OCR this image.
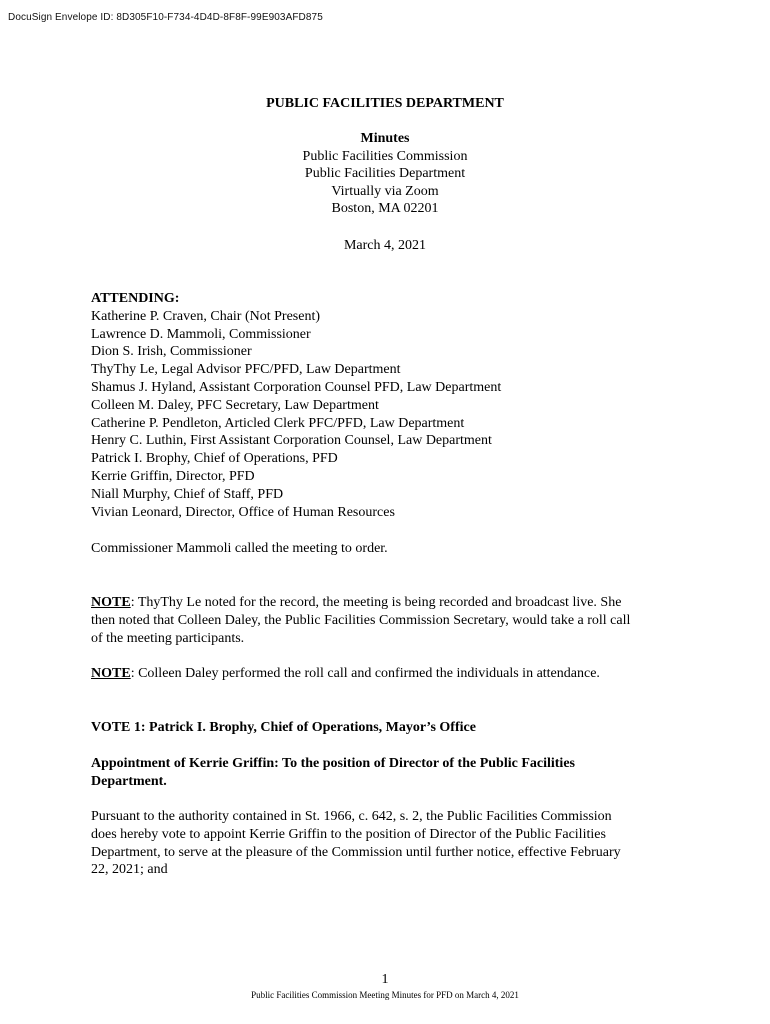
DocuSign Envelope ID: 8D305F10-F734-4D4D-8F8F-99E903AFD875
PUBLIC FACILITIES DEPARTMENT
Minutes
Public Facilities Commission
Public Facilities Department
Virtually via Zoom
Boston, MA 02201
March 4, 2021
ATTENDING:
Katherine P. Craven, Chair (Not Present)
Lawrence D. Mammoli, Commissioner
Dion S. Irish, Commissioner
ThyThy Le, Legal Advisor PFC/PFD, Law Department
Shamus J. Hyland, Assistant Corporation Counsel PFD, Law Department
Colleen M. Daley, PFC Secretary, Law Department
Catherine P. Pendleton, Articled Clerk PFC/PFD, Law Department
Henry C. Luthin, First Assistant Corporation Counsel, Law Department
Patrick I. Brophy, Chief of Operations, PFD
Kerrie Griffin, Director, PFD
Niall Murphy, Chief of Staff, PFD
Vivian Leonard, Director, Office of Human Resources
Commissioner Mammoli called the meeting to order.
NOTE: ThyThy Le noted for the record, the meeting is being recorded and broadcast live. She
then noted that Colleen Daley, the Public Facilities Commission Secretary, would take a roll call
of the meeting participants.
NOTE: Colleen Daley performed the roll call and confirmed the individuals in attendance.
VOTE 1: Patrick I. Brophy, Chief of Operations, Mayor’s Office
Appointment of Kerrie Griffin: To the position of Director of the Public Facilities
Department.
Pursuant to the authority contained in St. 1966, c. 642, s. 2, the Public Facilities Commission
does hereby vote to appoint Kerrie Griffin to the position of Director of the Public Facilities
Department, to serve at the pleasure of the Commission until further notice, effective February
22, 2021; and
1
Public Facilities Commission Meeting Minutes for PFD on March 4, 2021
